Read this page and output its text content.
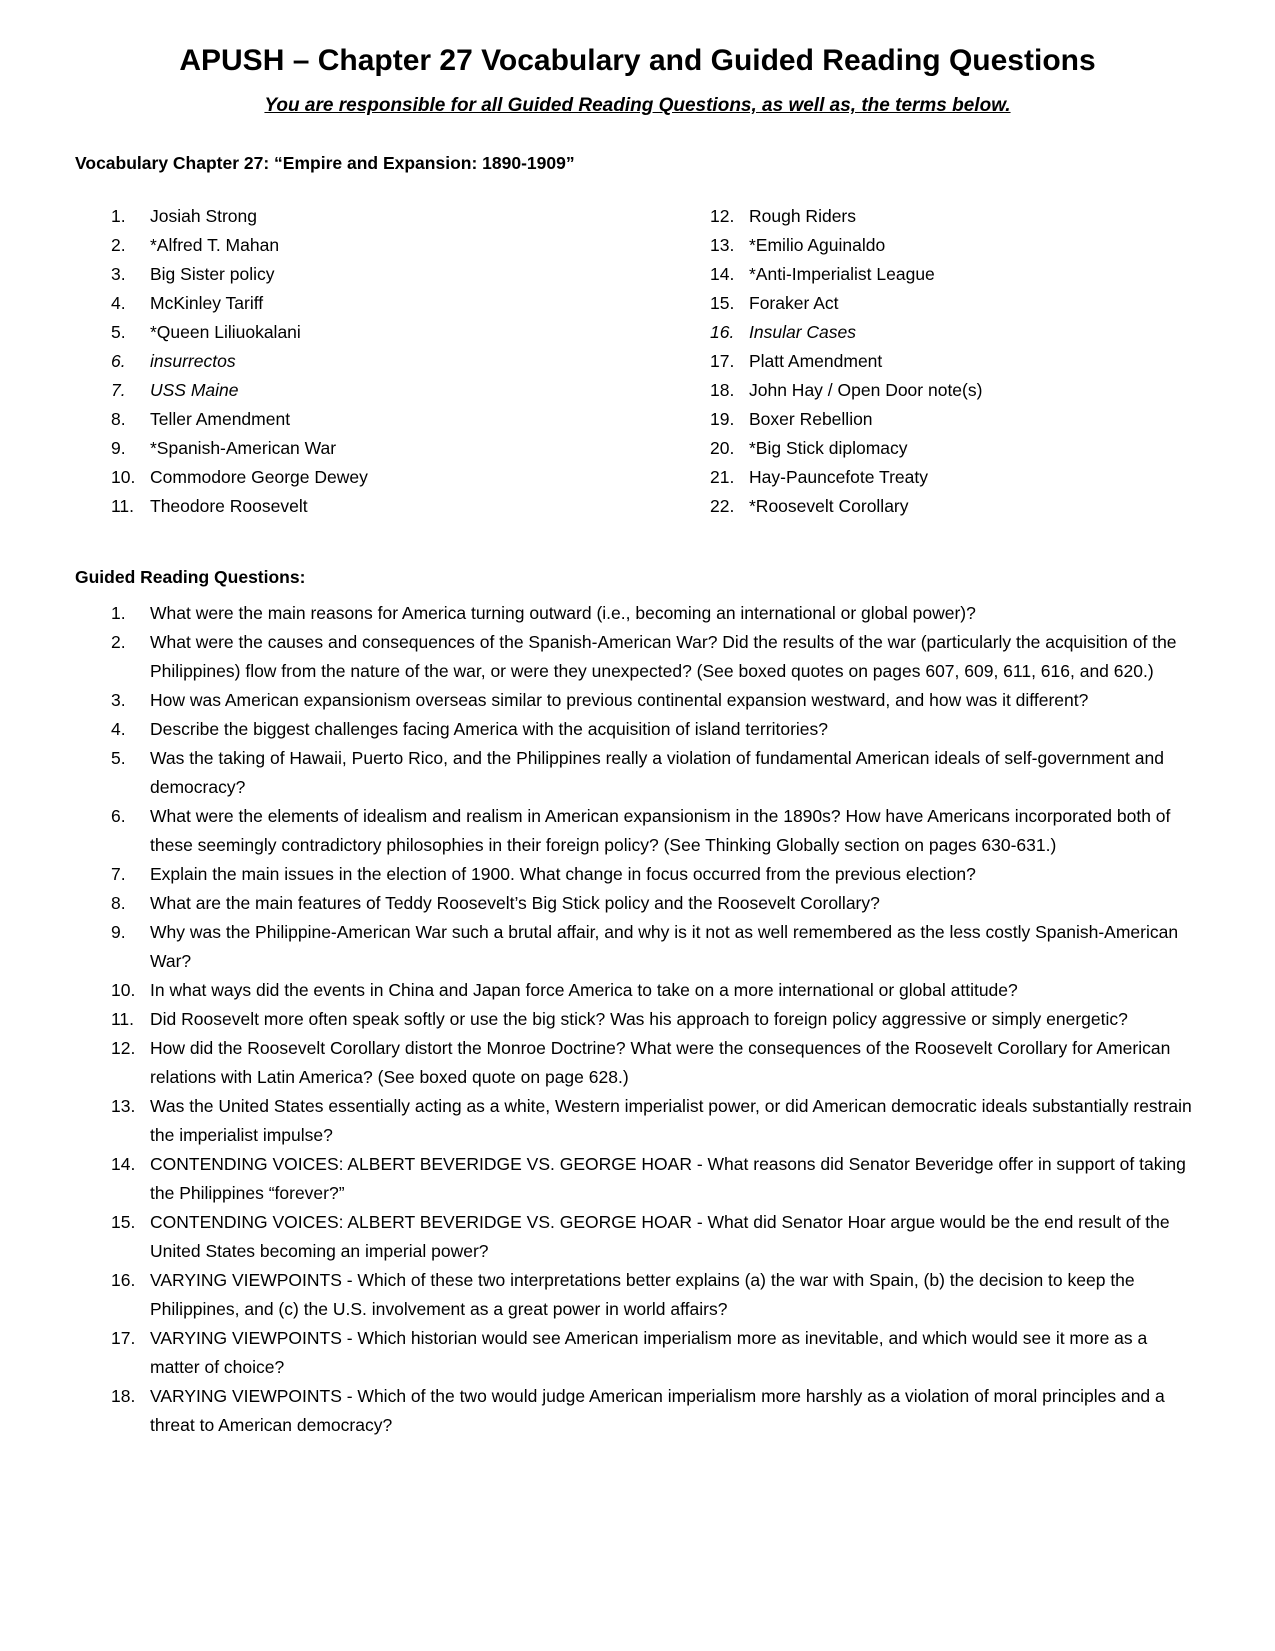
APUSH – Chapter 27 Vocabulary and Guided Reading Questions
You are responsible for all Guided Reading Questions, as well as, the terms below.
Vocabulary Chapter 27: “Empire and Expansion: 1890-1909”
1. Josiah Strong
2. *Alfred T. Mahan
3. Big Sister policy
4. McKinley Tariff
5. *Queen Liliuokalani
6. insurrectos
7. USS Maine
8. Teller Amendment
9. *Spanish-American War
10. Commodore George Dewey
11. Theodore Roosevelt
12. Rough Riders
13. *Emilio Aguinaldo
14. *Anti-Imperialist League
15. Foraker Act
16. Insular Cases
17. Platt Amendment
18. John Hay / Open Door note(s)
19. Boxer Rebellion
20. *Big Stick diplomacy
21. Hay-Pauncefote Treaty
22. *Roosevelt Corollary
Guided Reading Questions:
1.	What were the main reasons for America turning outward (i.e., becoming an international or global power)?
2.	What were the causes and consequences of the Spanish-American War? Did the results of the war (particularly the acquisition of the Philippines) flow from the nature of the war, or were they unexpected? (See boxed quotes on pages 607, 609, 611, 616, and 620.)
3.	How was American expansionism overseas similar to previous continental expansion westward, and how was it different?
4.	Describe the biggest challenges facing America with the acquisition of island territories?
5.	Was the taking of Hawaii, Puerto Rico, and the Philippines really a violation of fundamental American ideals of self-government and democracy?
6.	What were the elements of idealism and realism in American expansionism in the 1890s? How have Americans incorporated both of these seemingly contradictory philosophies in their foreign policy? (See Thinking Globally section on pages 630-631.)
7.	Explain the main issues in the election of 1900. What change in focus occurred from the previous election?
8.	What are the main features of Teddy Roosevelt’s Big Stick policy and the Roosevelt Corollary?
9.	Why was the Philippine-American War such a brutal affair, and why is it not as well remembered as the less costly Spanish-American War?
10. In what ways did the events in China and Japan force America to take on a more international or global attitude?
11. Did Roosevelt more often speak softly or use the big stick? Was his approach to foreign policy aggressive or simply energetic?
12. How did the Roosevelt Corollary distort the Monroe Doctrine? What were the consequences of the Roosevelt Corollary for American relations with Latin America? (See boxed quote on page 628.)
13. Was the United States essentially acting as a white, Western imperialist power, or did American democratic ideals substantially restrain the imperialist impulse?
14. CONTENDING VOICES: ALBERT BEVERIDGE VS. GEORGE HOAR - What reasons did Senator Beveridge offer in support of taking the Philippines “forever?”
15. CONTENDING VOICES: ALBERT BEVERIDGE VS. GEORGE HOAR - What did Senator Hoar argue would be the end result of the United States becoming an imperial power?
16. VARYING VIEWPOINTS - Which of these two interpretations better explains (a) the war with Spain, (b) the decision to keep the Philippines, and (c) the U.S. involvement as a great power in world affairs?
17. VARYING VIEWPOINTS - Which historian would see American imperialism more as inevitable, and which would see it more as a matter of choice?
18. VARYING VIEWPOINTS - Which of the two would judge American imperialism more harshly as a violation of moral principles and a threat to American democracy?
